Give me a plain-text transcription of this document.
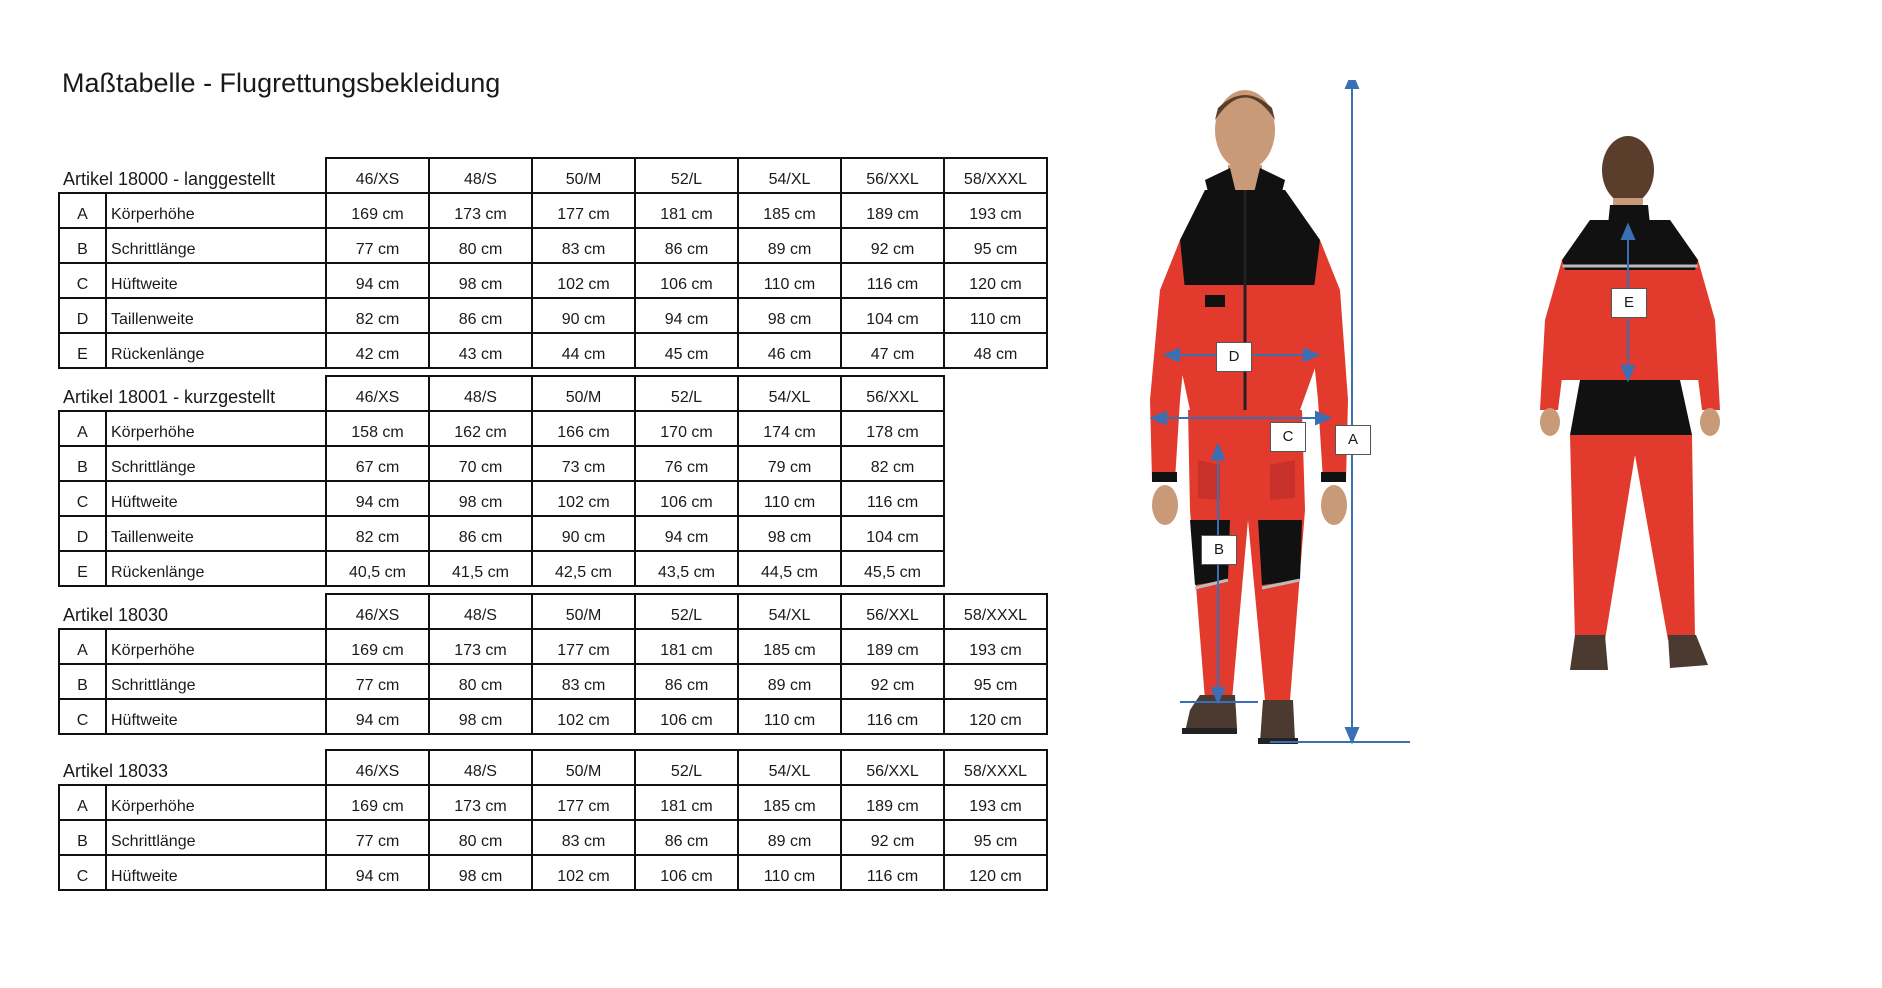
Maßtabelle - Flugrettungsbekleidung
Artikel 18000 - langgestellt		46/XS	48/S	50/M	52/L	54/XL	56/XXL	58/XXXL
A	Körperhöhe	169 cm	173 cm	177 cm	181 cm	185 cm	189 cm	193 cm
B	Schrittlänge	77 cm	80 cm	83 cm	86 cm	89 cm	92 cm	95 cm
C	Hüftweite	94 cm	98 cm	102 cm	106 cm	110 cm	116 cm	120 cm
D	Taillenweite	82 cm	86 cm	90 cm	94 cm	98 cm	104 cm	110 cm
E	Rückenlänge	42 cm	43 cm	44 cm	45 cm	46 cm	47 cm	48 cm
Artikel 18001 - kurzgestellt		46/XS	48/S	50/M	52/L	54/XL	56/XXL
A	Körperhöhe	158 cm	162 cm	166 cm	170 cm	174 cm	178 cm
B	Schrittlänge	67 cm	70 cm	73 cm	76 cm	79 cm	82 cm
C	Hüftweite	94 cm	98 cm	102 cm	106 cm	110 cm	116 cm
D	Taillenweite	82 cm	86 cm	90 cm	94 cm	98 cm	104 cm
E	Rückenlänge	40,5 cm	41,5 cm	42,5 cm	43,5 cm	44,5 cm	45,5 cm
Artikel 18030		46/XS	48/S	50/M	52/L	54/XL	56/XXL	58/XXXL
A	Körperhöhe	169 cm	173 cm	177 cm	181 cm	185 cm	189 cm	193 cm
B	Schrittlänge	77 cm	80 cm	83 cm	86 cm	89 cm	92 cm	95 cm
C	Hüftweite	94 cm	98 cm	102 cm	106 cm	110 cm	116 cm	120 cm
Artikel 18033		46/XS	48/S	50/M	52/L	54/XL	56/XXL	58/XXXL
A	Körperhöhe	169 cm	173 cm	177 cm	181 cm	185 cm	189 cm	193 cm
B	Schrittlänge	77 cm	80 cm	83 cm	86 cm	89 cm	92 cm	95 cm
C	Hüftweite	94 cm	98 cm	102 cm	106 cm	110 cm	116 cm	120 cm
A
B
C
D
E
